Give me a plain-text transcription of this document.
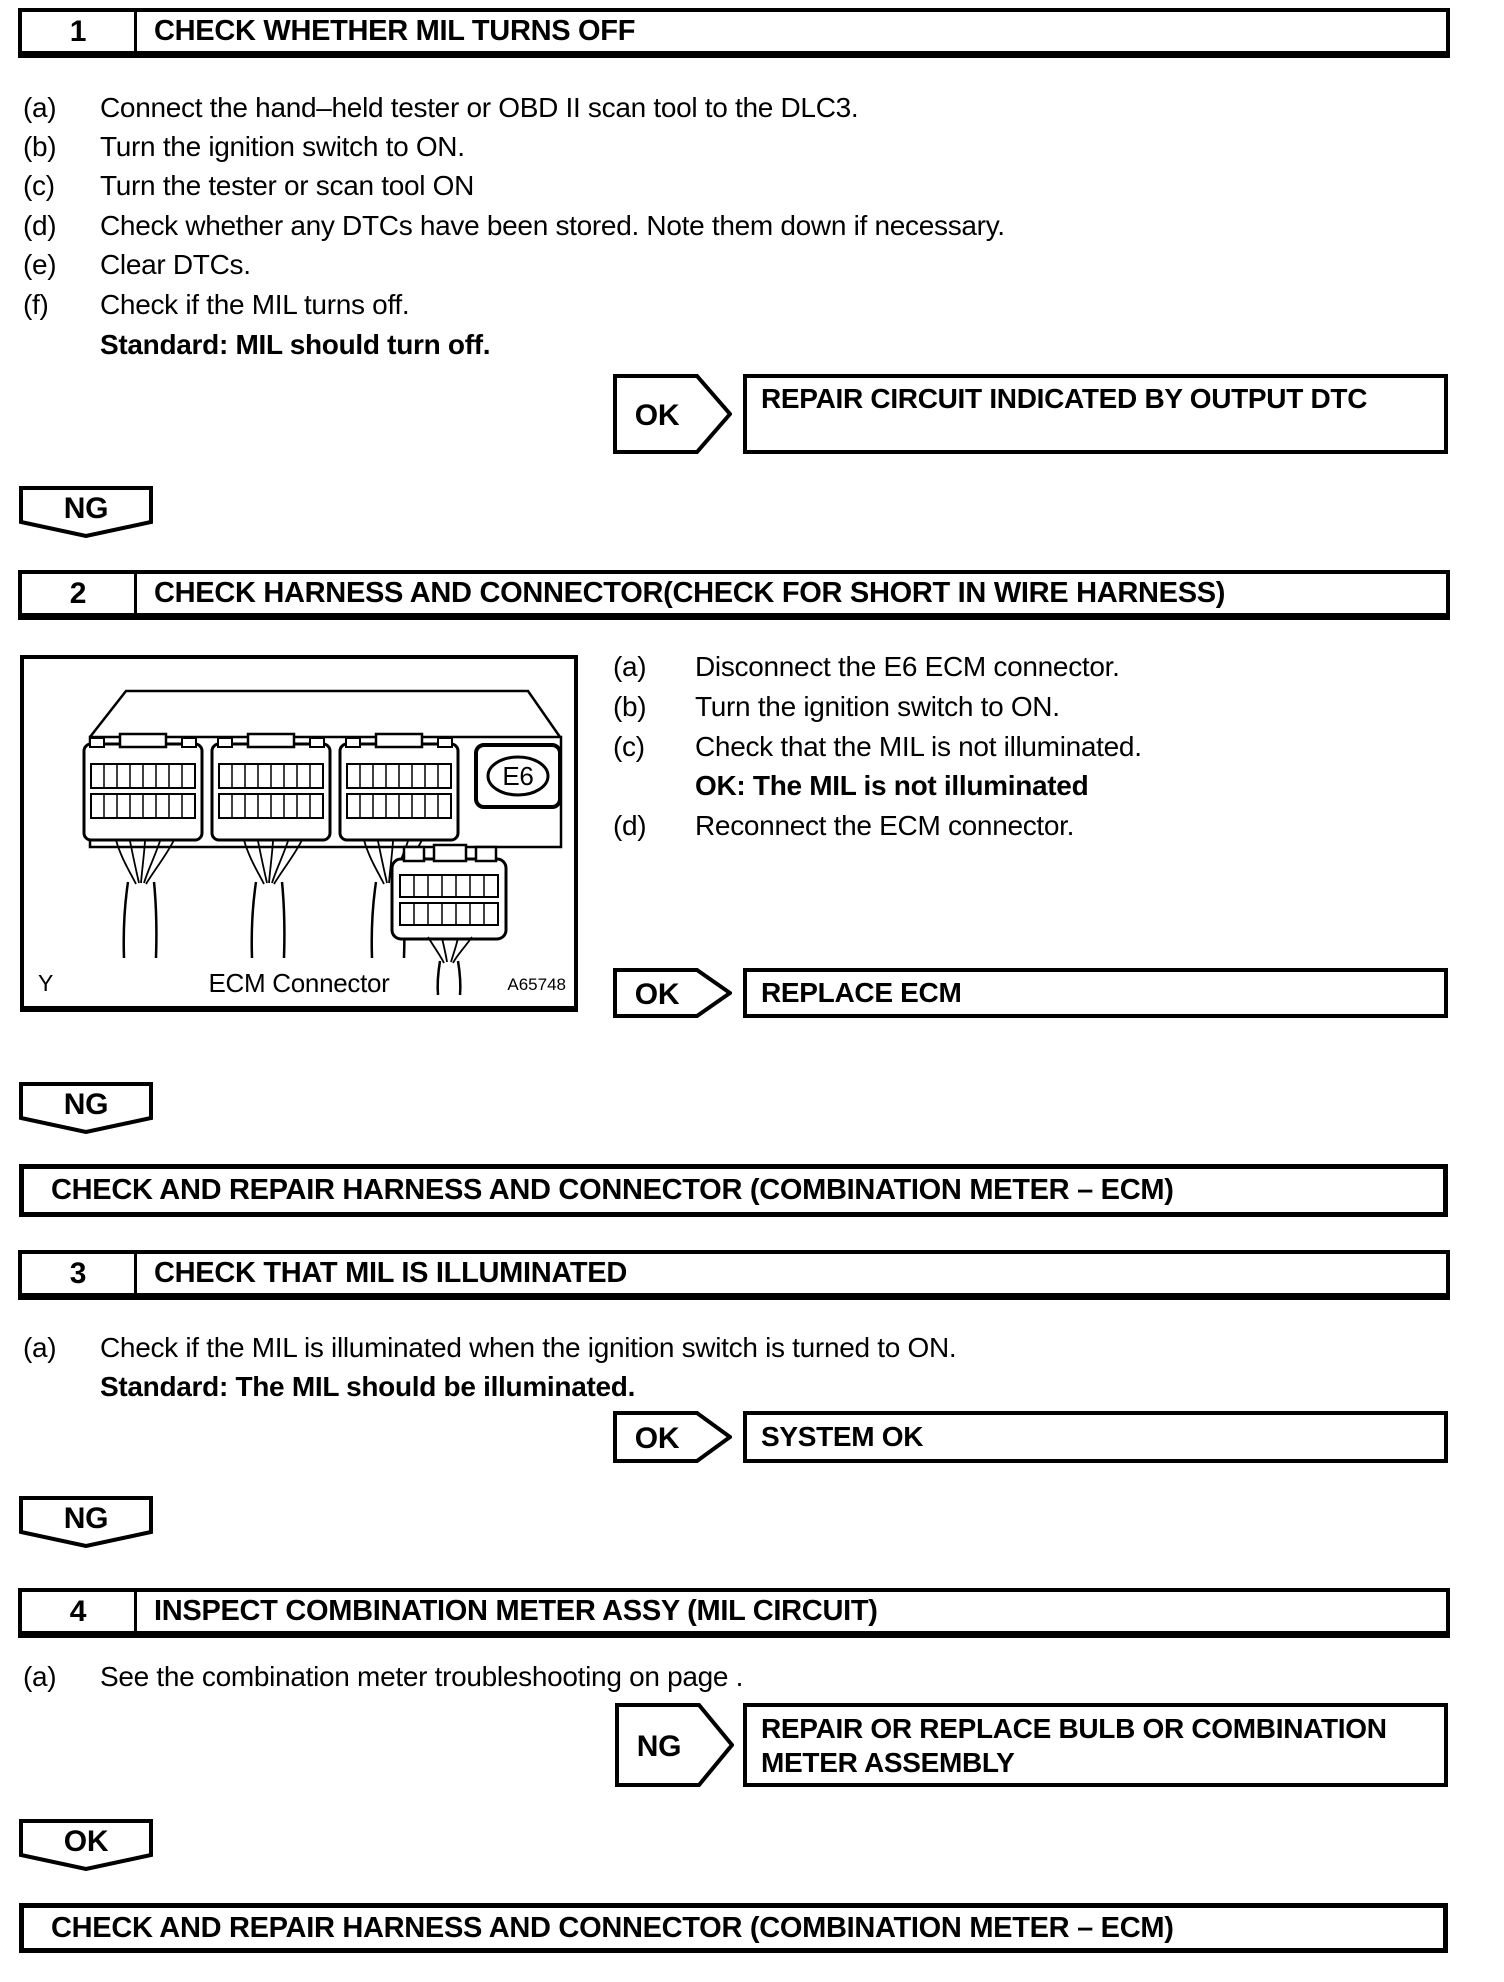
1	CHECK WHETHER MIL TURNS OFF
(a)	Connect the hand–held tester or OBD II scan tool to the DLC3.
(b)	Turn the ignition switch to ON.
(c)	Turn the tester or scan tool ON
(d)	Check whether any DTCs have been stored. Note them down if necessary.
(e)	Clear DTCs.
(f)	Check if the MIL turns off.
Standard: MIL should turn off.
OK
REPAIR CIRCUIT INDICATED BY OUTPUT DTC
NG
2	CHECK HARNESS AND CONNECTOR(CHECK FOR SHORT IN WIRE HARNESS)
E6
Y	ECM Connector	A65748
(a)	Disconnect the E6 ECM connector.
(b)	Turn the ignition switch to ON.
(c)	Check that the MIL is not illuminated.
OK: The MIL is not illuminated
(d)	Reconnect the ECM connector.
OK	REPLACE ECM
NG
CHECK AND REPAIR HARNESS AND CONNECTOR (COMBINATION METER – ECM)
3	CHECK THAT MIL IS ILLUMINATED
(a)	Check if the MIL is illuminated when the ignition switch is turned to ON.
Standard: The MIL should be illuminated.
OK	SYSTEM OK
NG
4	INSPECT COMBINATION METER ASSY (MIL CIRCUIT)
(a)	See the combination meter troubleshooting on page .
NG
REPAIR OR REPLACE BULB OR COMBINATION
METER ASSEMBLY
OK
CHECK AND REPAIR HARNESS AND CONNECTOR (COMBINATION METER – ECM)
